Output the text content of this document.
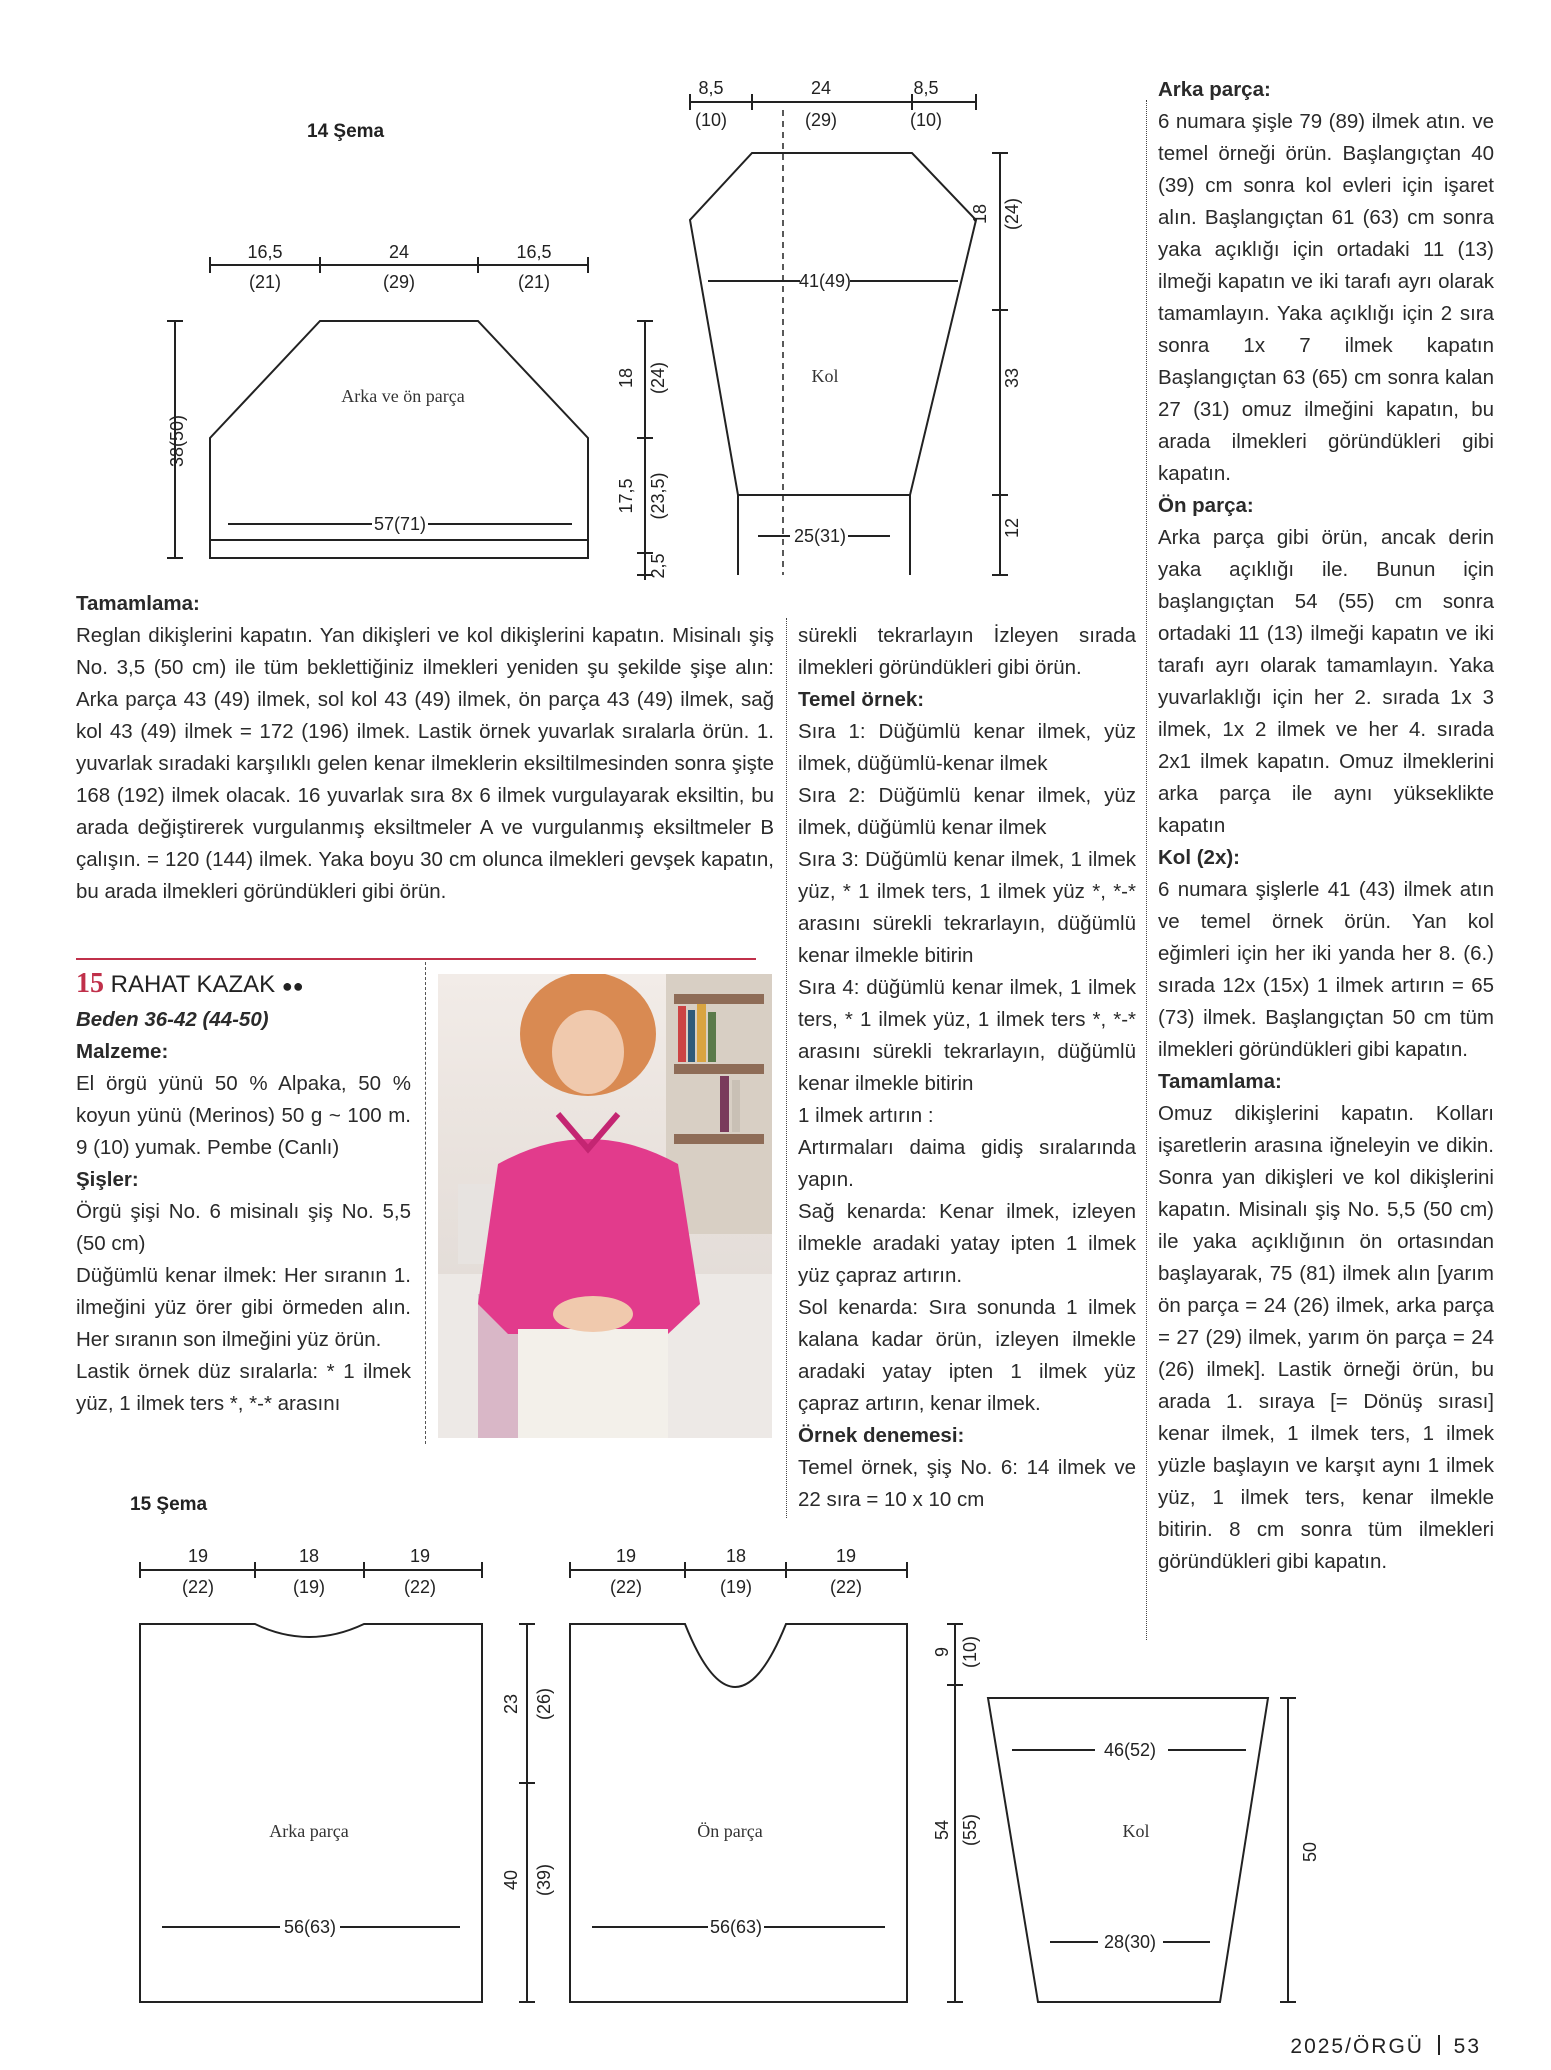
16,5	24	16,5
(21)	(29)	(21)
38(50)
Arka ve ön parça
57(71)
18 (24)
17,5 (23,5)
2,5
8,5	24	8,5
(10)	(29)	(10)
41(49)
Kol
25(31)
18 (24)
33
12
19	18	19
(22)	(19)	(22)
Arka parça
56(63)
23 (26)
40 (39)
19	18	19
(22)	(19)	(22)
Ön parça
56(63)
9 (10)
54 (55)	Kol
46(52)
28(30)
50
14 Şema
15 Şema

Tamamlama:

Reglan dikişlerini kapatın. Yan dikişleri ve kol dikişlerini kapatın. Misinalı şiş No. 3,5 (50 cm) ile tüm beklettiğiniz ilmekleri yeniden şu şekilde şişe alın: Arka parça 43 (49) ilmek, sol kol 43 (49) ilmek, ön parça 43 (49) ilmek, sağ kol 43 (49) ilmek = 172 (196) ilmek. Lastik örnek yuvarlak sıralarla örün. 1. yuvarlak sıradaki karşılıklı gelen kenar ilmeklerin eksiltilmesinden sonra şişte 168 (192) ilmek olacak. 16 yuvarlak sıra 8x 6 ilmek vurgulayarak eksiltin, bu arada değiştirerek vurgulanmış eksiltmeler A ve vurgulanmış eksiltmeler B çalışın. = 120 (144) ilmek. Yaka boyu 30 cm olunca ilmekleri gevşek kapatın, bu arada ilmekleri göründükleri gibi örün.

15 RAHAT KAZAK ●●

Beden 36-42 (44-50)

Malzeme:

El örgü yünü 50 % Alpaka, 50 % koyun yünü (Merinos) 50 g ~ 100 m. 9 (10) yumak. Pembe (Canlı)

Şişler:

Örgü şişi No. 6 misinalı şiş No. 5,5 (50 cm)

Düğümlü kenar ilmek: Her sıranın 1. ilmeğini yüz örer gibi örmeden alın. Her sıranın son ilmeğini yüz örün.

Lastik örnek düz sıralarla: * 1 ilmek yüz, 1 ilmek ters *, *-* arasını

sürekli tekrarlayın İzleyen sırada ilmekleri göründükleri gibi örün.

Temel örnek:

Sıra 1: Düğümlü kenar ilmek, yüz ilmek, düğümlü-kenar ilmek

Sıra 2: Düğümlü kenar ilmek, yüz ilmek, düğümlü kenar ilmek

Sıra 3: Düğümlü kenar ilmek, 1 ilmek yüz, * 1 ilmek ters, 1 ilmek yüz *, *-* arasını sürekli tekrarlayın, düğümlü kenar ilmekle bitirin

Sıra 4: düğümlü kenar ilmek, 1 ilmek ters, * 1 ilmek yüz, 1 ilmek ters *, *-* arasını sürekli tekrarlayın, düğümlü kenar ilmekle bitirin

1 ilmek artırın :

Artırmaları daima gidiş sıralarında yapın.

Sağ kenarda: Kenar ilmek, izleyen ilmekle aradaki yatay ipten 1 ilmek yüz çapraz artırın.

Sol kenarda: Sıra sonunda 1 ilmek kalana kadar örün, izleyen ilmekle aradaki yatay ipten 1 ilmek yüz çapraz artırın, kenar ilmek.

Örnek denemesi:

Temel örnek, şiş No. 6: 14 ilmek ve 22 sıra = 10 x 10 cm

Arka parça:

6 numara şişle 79 (89) ilmek atın. ve temel örneği örün. Başlangıçtan 40 (39) cm sonra kol evleri için işaret alın. Başlangıçtan 61 (63) cm sonra yaka açıklığı için ortadaki 11 (13) ilmeği kapatın ve iki tarafı ayrı olarak tamamlayın. Yaka açıklığı için 2 sıra sonra 1x 7 ilmek kapatın Başlangıçtan 63 (65) cm sonra kalan 27 (31) omuz ilmeğini kapatın, bu arada ilmekleri göründükleri gibi kapatın.

Ön parça:

Arka parça gibi örün, ancak derin yaka açıklığı ile. Bunun için başlangıçtan 54 (55) cm sonra ortadaki 11 (13) ilmeği kapatın ve iki tarafı ayrı olarak tamamlayın. Yaka yuvarlaklığı için her 2. sırada 1x 3 ilmek, 1x 2 ilmek ve her 4. sırada 2x1 ilmek kapatın. Omuz ilmeklerini arka parça ile aynı yükseklikte kapatın

Kol (2x):

6 numara şişlerle 41 (43) ilmek atın ve temel örnek örün. Yan kol eğimleri için her iki yanda her 8. (6.) sırada 12x (15x) 1 ilmek artırın = 65 (73) ilmek. Başlangıçtan 50 cm tüm ilmekleri göründükleri gibi kapatın.

Tamamlama:

Omuz dikişlerini kapatın. Kolları işaretlerin arasına iğneleyin ve dikin. Sonra yan dikişleri ve kol dikişlerini kapatın. Misinalı şiş No. 5,5 (50 cm) ile yaka açıklığının ön ortasından başlayarak, 75 (81) ilmek alın [yarım ön parça = 24 (26) ilmek, arka parça = 27 (29) ilmek, yarım ön parça = 24 (26) ilmek]. Lastik örneği örün, bu arada 1. sıraya [= Dönüş sırası] kenar ilmek, 1 ilmek ters, 1 ilmek yüzle başlayın ve karşıt aynı 1 ilmek yüz, 1 ilmek ters, kenar ilmekle bitirin. 8 cm sonra tüm ilmekleri göründükleri gibi kapatın.

2025/ÖRGÜ 53
